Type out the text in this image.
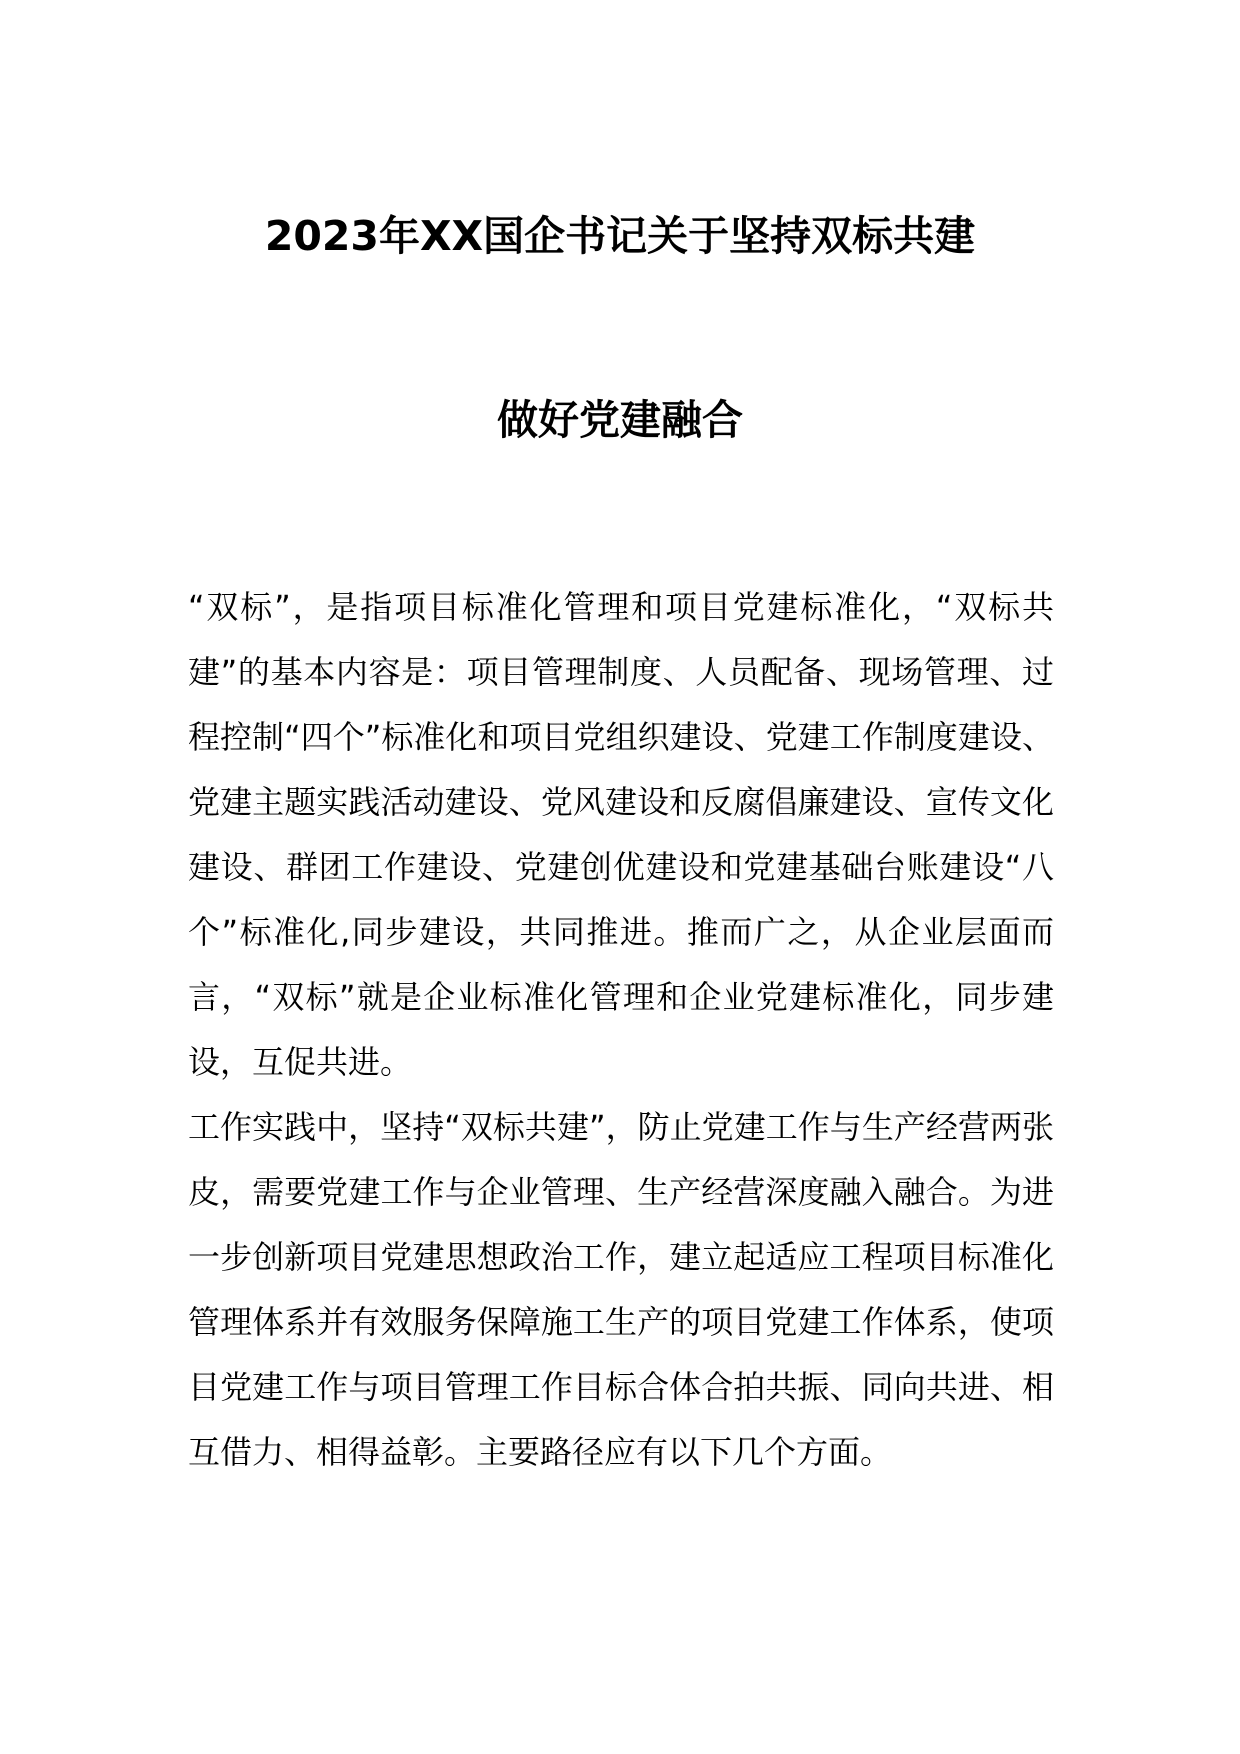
2023年XX国企书记关于坚持双标共建
做好党建融合

“双标”，是指项目标准化管理和项目党建标准化，“双标共建”的基本内容是：项目管理制度、人员配备、现场管理、过程控制“四个”标准化和项目党组织建设、党建工作制度建设、党建主题实践活动建设、党风建设和反腐倡廉建设、宣传文化建设、群团工作建设、党建创优建设和党建基础台账建设“八个”标准化,同步建设，共同推进。推而广之，从企业层面而言，“双标”就是企业标准化管理和企业党建标准化，同步建设，互促共进。

工作实践中，坚持“双标共建”，防止党建工作与生产经营两张皮，需要党建工作与企业管理、生产经营深度融入融合。为进一步创新项目党建思想政治工作，建立起适应工程项目标准化管理体系并有效服务保障施工生产的项目党建工作体系，使项目党建工作与项目管理工作目标合体合拍共振、同向共进、相互借力、相得益彰。主要路径应有以下几个方面。
